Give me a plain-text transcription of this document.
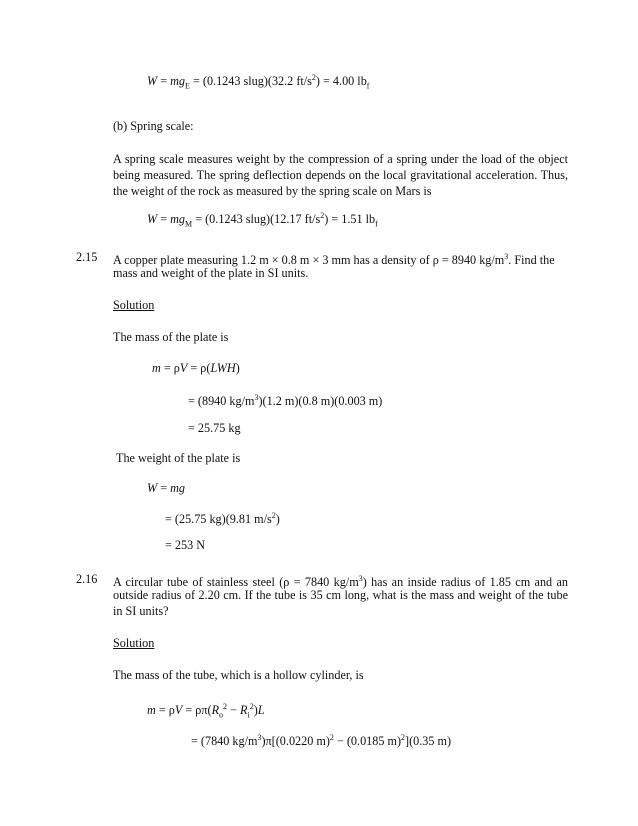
$W = mg_E = (0.1243$ slug)(32.2 $ft/s^2) = 4.00$ $lb_f$
(b) Spring scale:
A spring scale measures weight by the compression of a spring under the load of the object
being measured. The spring deflection depends on the local gravitational acceleration. Thus,
the weight of the rock as measured by the spring scale on Mars is
$W = mg_M = (0.1243$ slug)(12.17 $ft/s^2) = 1.51$ $lb_f$
2.15 A copper plate measuring 1.2 m × 0.8 m × 3 mm has a density of ρ = 8940 $kg/m^3$. Find the
mass and weight of the plate in SI units.
Solution
The mass of the plate is
m = ρV = ρ(LWH)
= (8940 $kg/m^3)(1.2$ m)(0.8 m)(0.003 m)
= 25.75 kg
The weight of the plate is
W = mg
= (25.75 kg)(9.81 $m/s^2$)
= 253 N
2.16 A circular tube of stainless steel (ρ = 7840 $kg/m^3$) has an inside radius of 1.85 cm and an
outside radius of 2.20 cm. If the tube is 35 cm long, what is the mass and weight of the tube
in SI units?
Solution
The mass of the tube, which is a hollow cylinder, is
$m = \rho V = \rho\pi(R_o^2 - R_i^2)L$
= (7840 $kg/m^3)\pi[(0.0220$ m)$^2$ − (0.0185 m)$^2$](0.35 m)
